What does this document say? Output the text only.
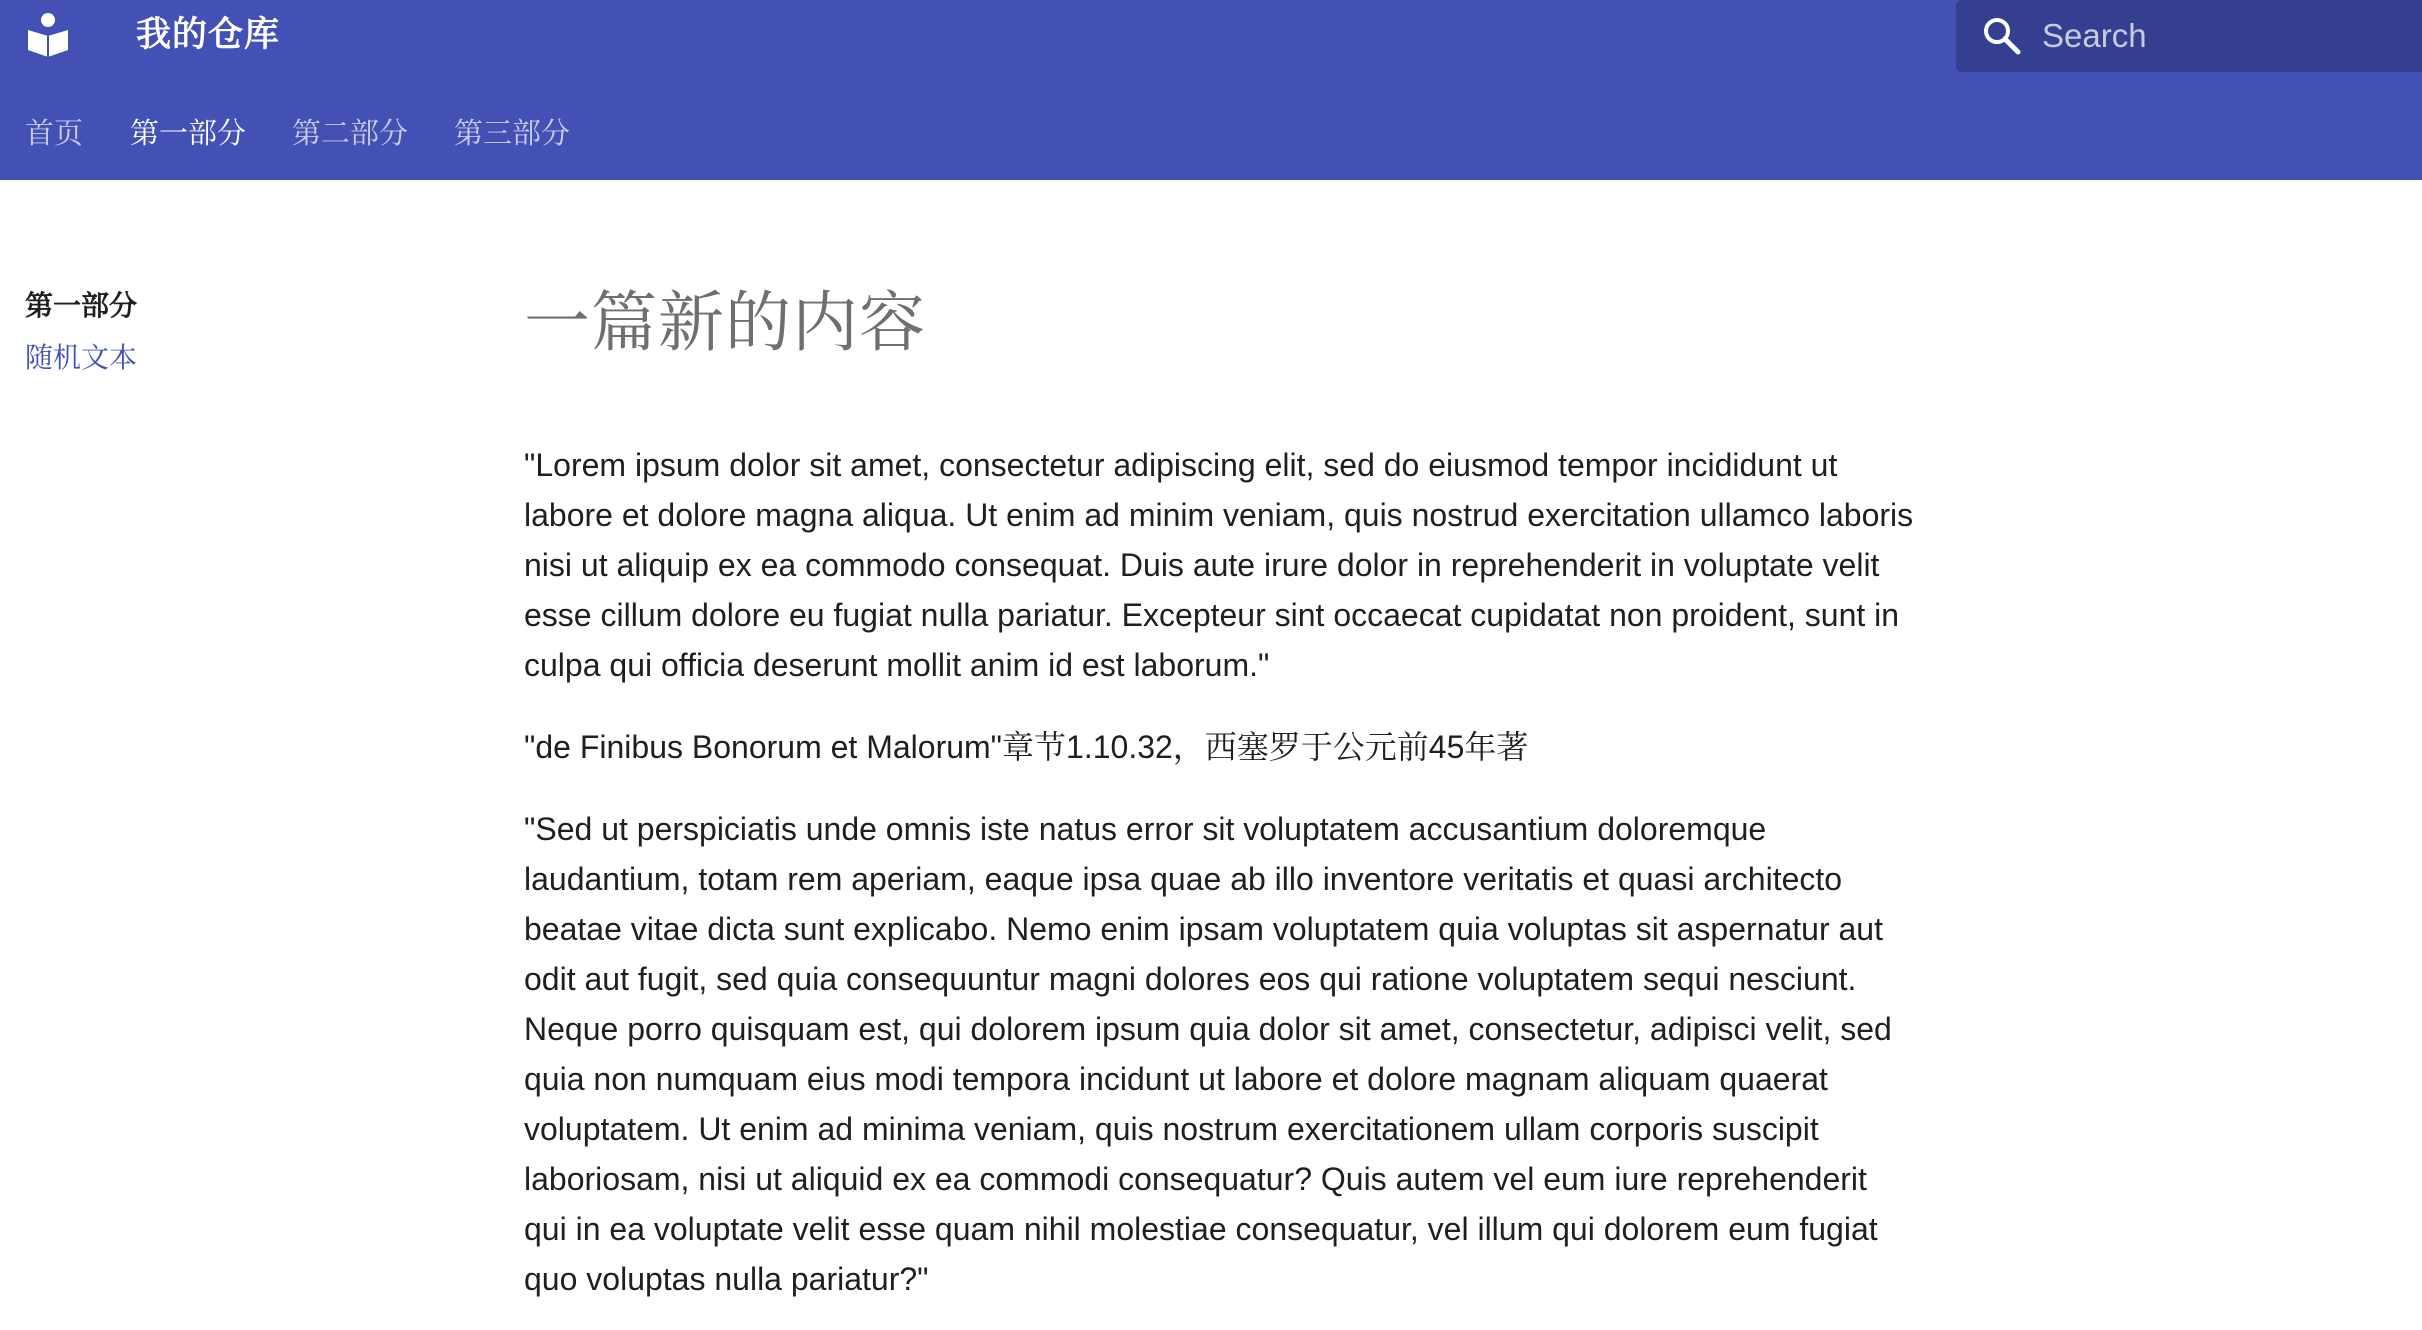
我的仓库
Search
首页 第一部分 第二部分 第三部分
第一部分
随机文本	一篇新的内容

"Lorem ipsum dolor sit amet, consectetur adipiscing elit, sed do eiusmod tempor incididunt ut labore et dolore magna aliqua. Ut enim ad minim veniam, quis nostrud exercitation ullamco laboris nisi ut aliquip ex ea commodo consequat. Duis aute irure dolor in reprehenderit in voluptate velit esse cillum dolore eu fugiat nulla pariatur. Excepteur sint occaecat cupidatat non proident, sunt in culpa qui officia deserunt mollit anim id est laborum."

"de Finibus Bonorum et Malorum"章节1.10.32，西塞罗于公元前45年著

"Sed ut perspiciatis unde omnis iste natus error sit voluptatem accusantium doloremque laudantium, totam rem aperiam, eaque ipsa quae ab illo inventore veritatis et quasi architecto beatae vitae dicta sunt explicabo. Nemo enim ipsam voluptatem quia voluptas sit aspernatur aut odit aut fugit, sed quia consequuntur magni dolores eos qui ratione voluptatem sequi nesciunt. Neque porro quisquam est, qui dolorem ipsum quia dolor sit amet, consectetur, adipisci velit, sed quia non numquam eius modi tempora incidunt ut labore et dolore magnam aliquam quaerat voluptatem. Ut enim ad minima veniam, quis nostrum exercitationem ullam corporis suscipit laboriosam, nisi ut aliquid ex ea commodi consequatur? Quis autem vel eum iure reprehenderit qui in ea voluptate velit esse quam nihil molestiae consequatur, vel illum qui dolorem eum fugiat quo voluptas nulla pariatur?"
